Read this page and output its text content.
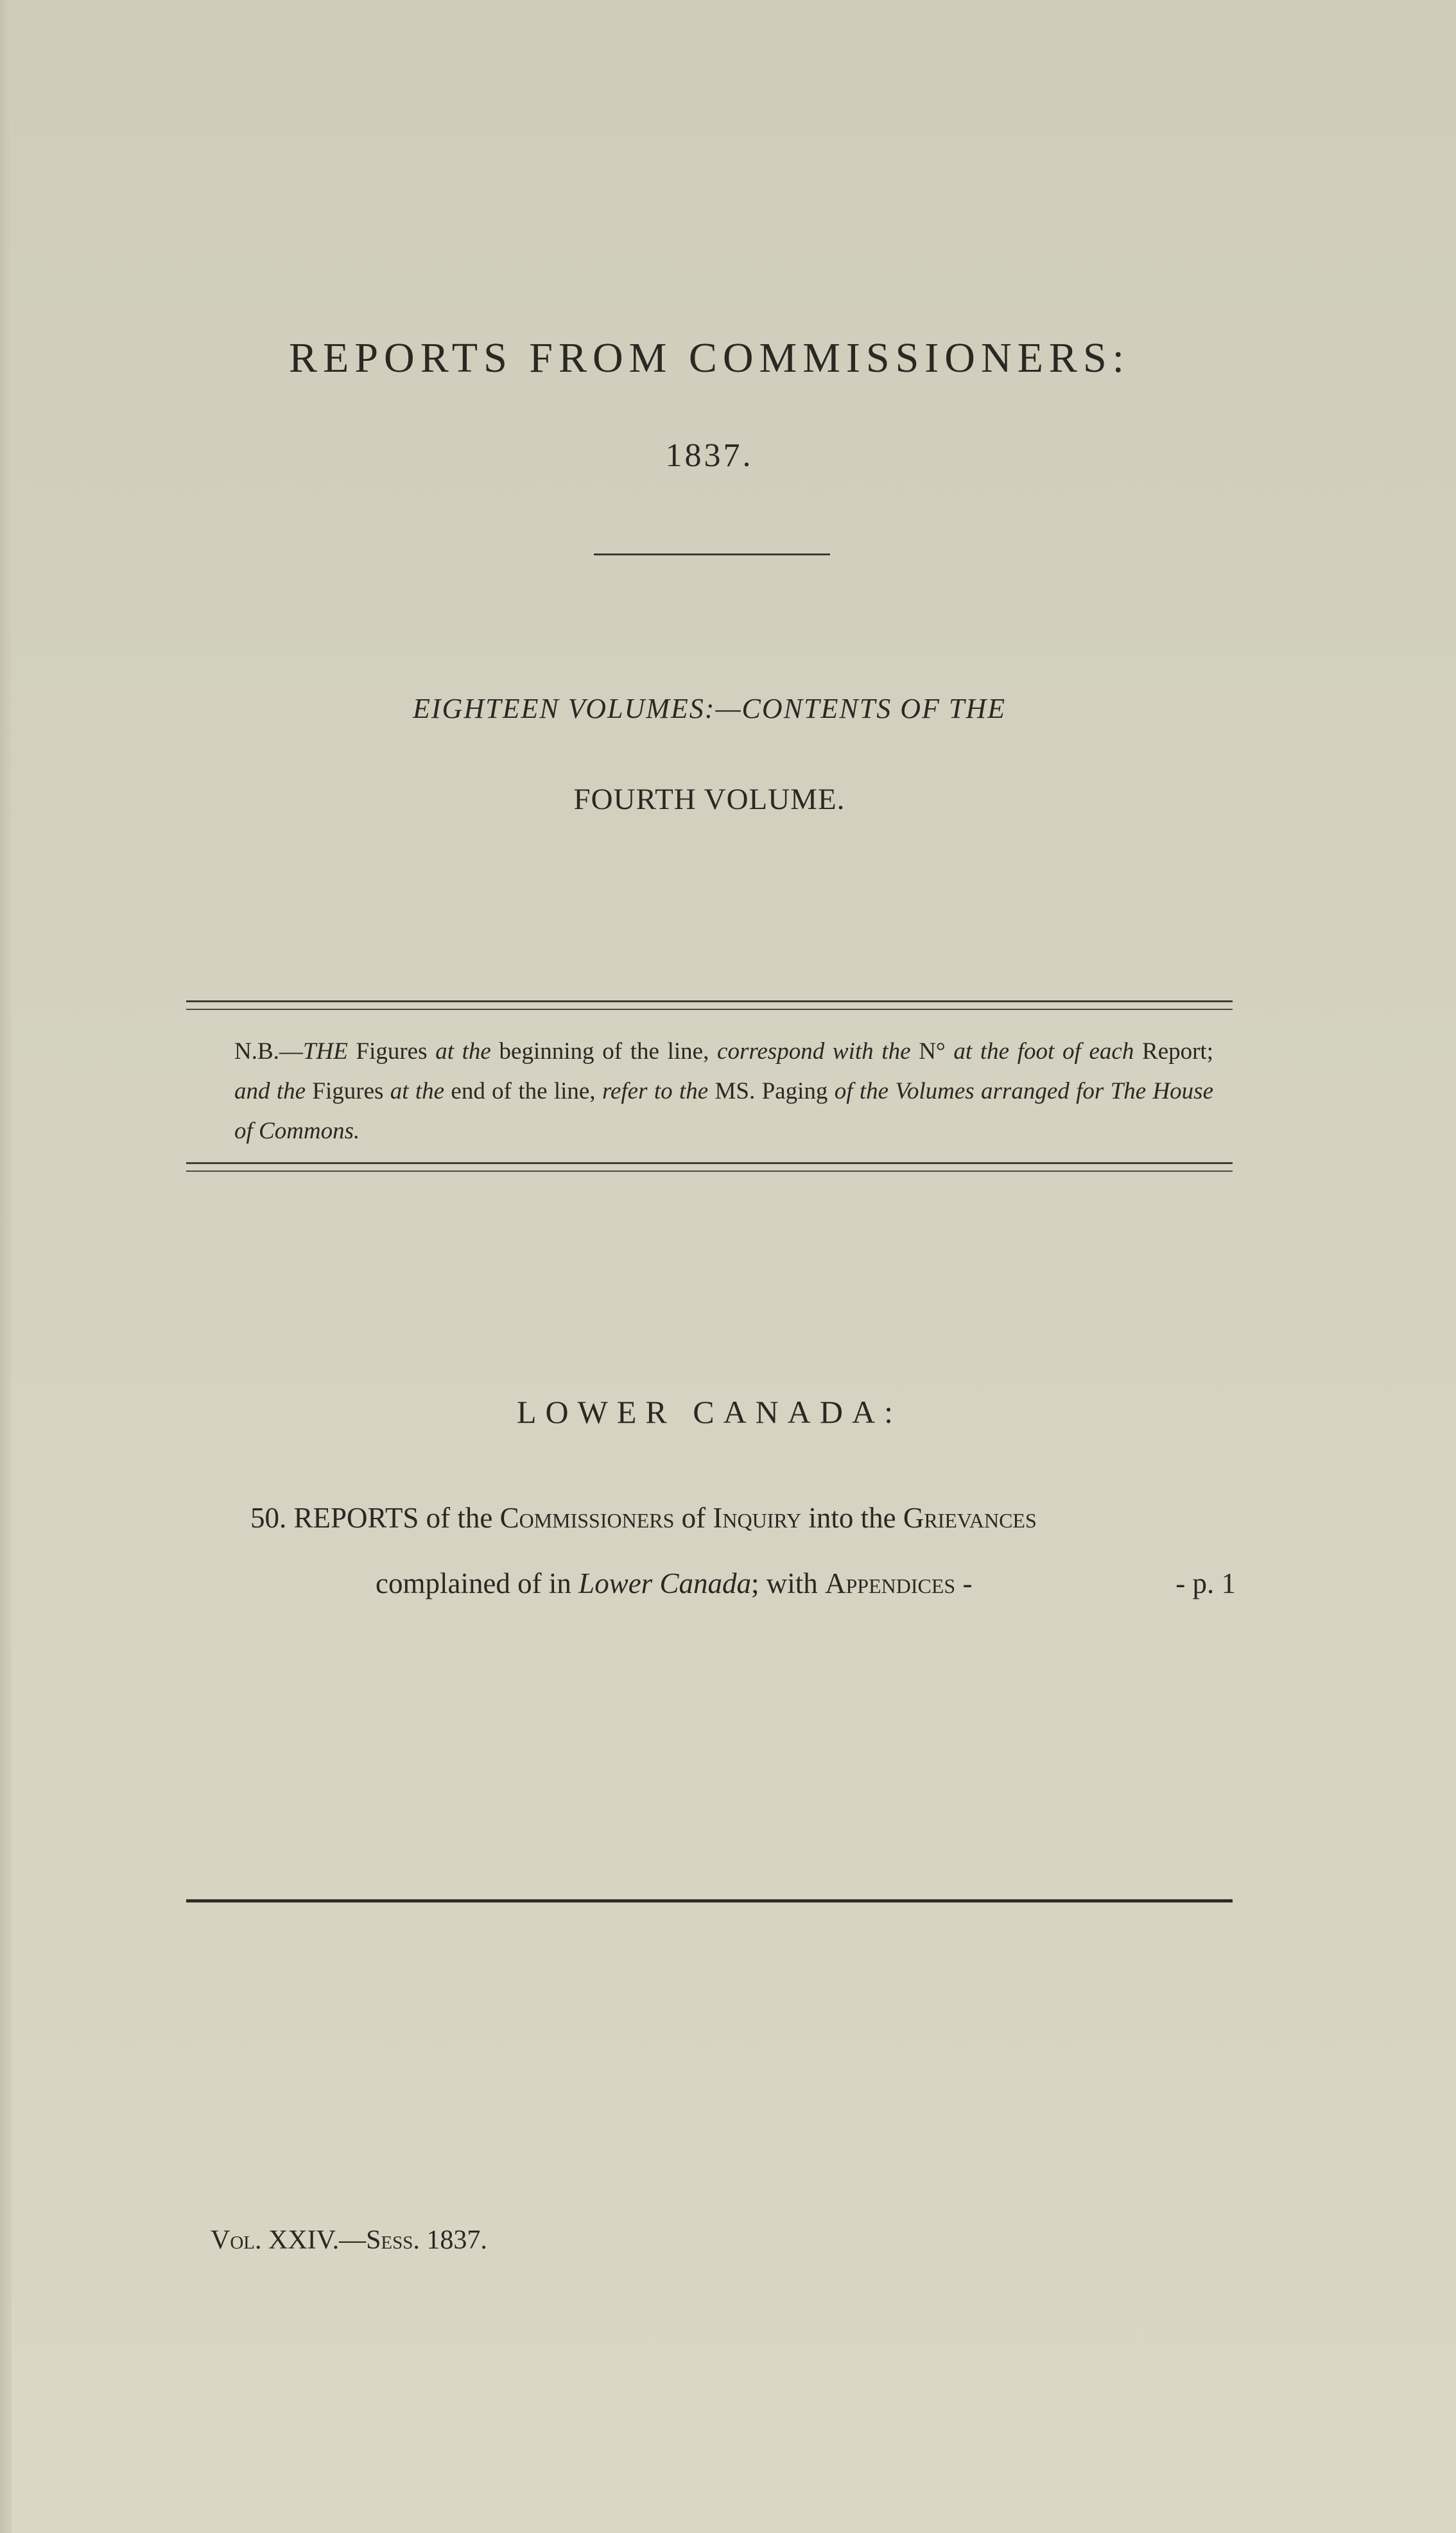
REPORTS FROM COMMISSIONERS:
1837.
EIGHTEEN VOLUMES:—CONTENTS OF THE
FOURTH VOLUME.
N.B.—THE Figures at the beginning of the line, correspond with the N° at the foot of each Report; and the Figures at the end of the line, refer to the MS. Paging of the Volumes arranged for The House of Commons.
LOWER CANADA:
50. REPORTS of the Commissioners of Inquiry into the Grievances
complained of in Lower Canada; with Appendices -	- p. 1
Vol. XXIV.—Sess. 1837.
